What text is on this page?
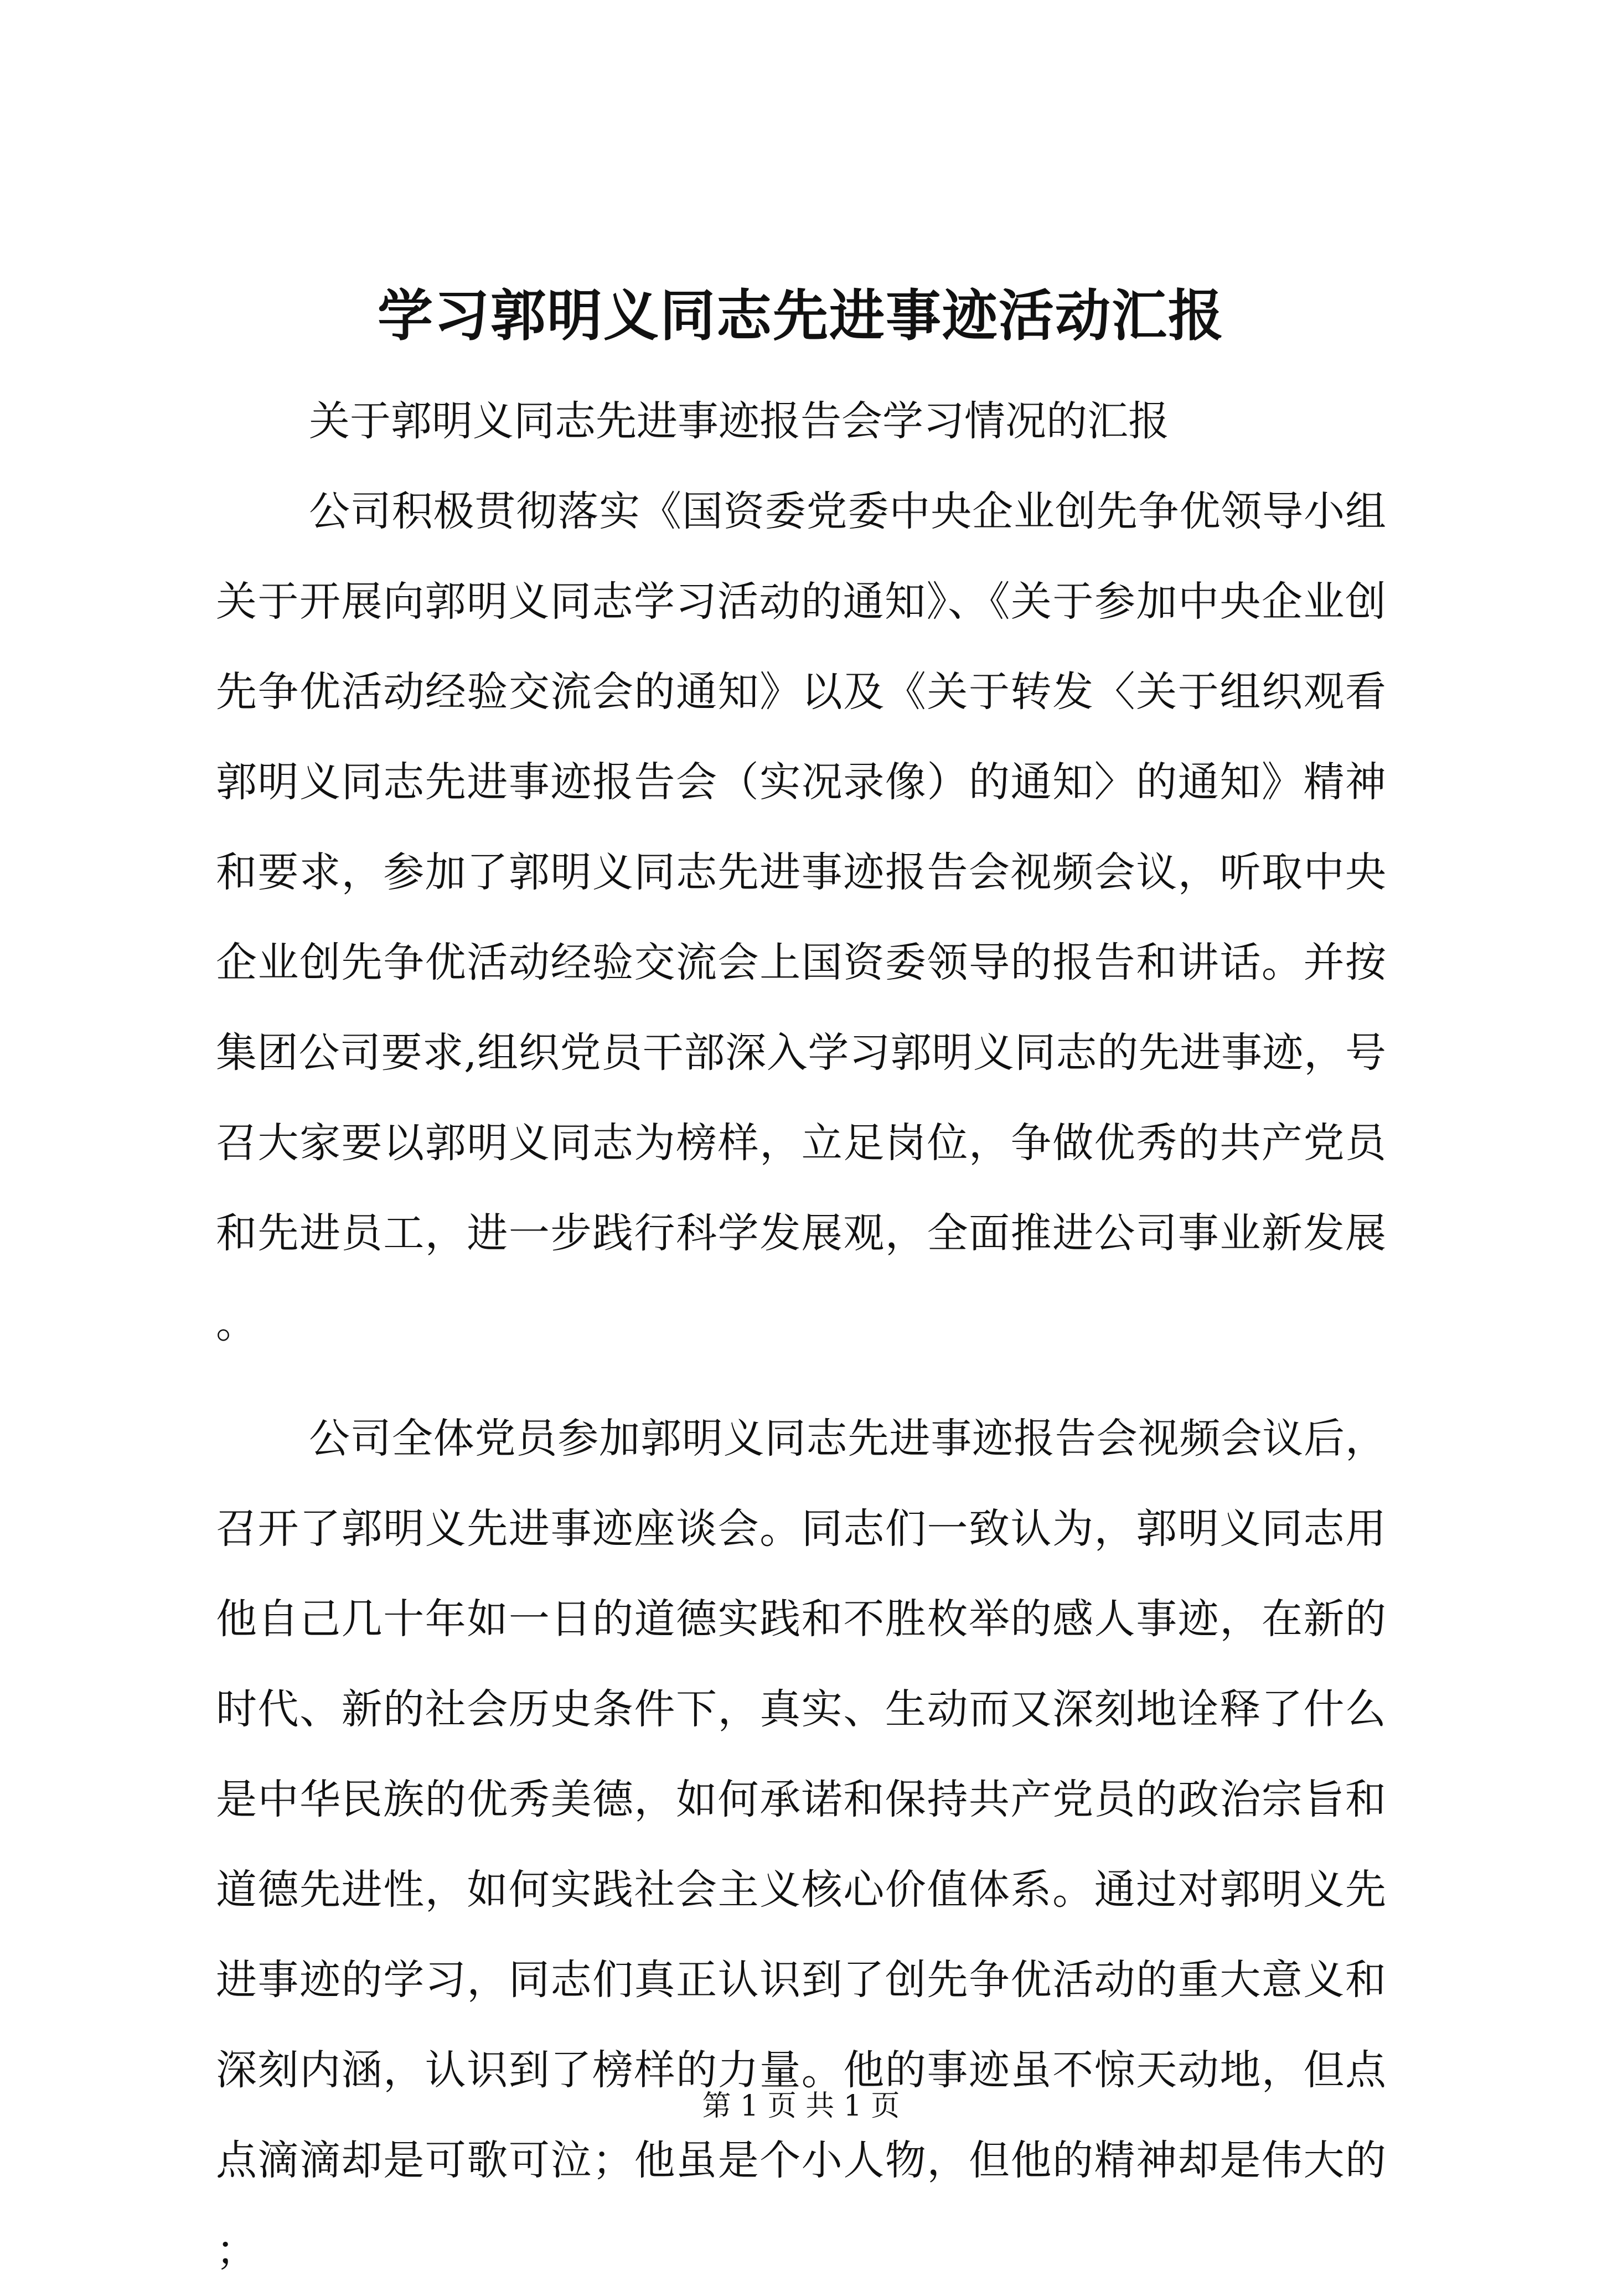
学习郭明义同志先进事迹活动汇报

关于郭明义同志先进事迹报告会学习情况的汇报

公司积极贯彻落实《国资委党委中央企业创先争优领导小组关于开展向郭明义同志学习活动的通知》、《关于参加中央企业创先争优活动经验交流会的通知》以及《关于转发〈关于组织观看郭明义同志先进事迹报告会（实况录像）的通知〉的通知》精神和要求，参加了郭明义同志先进事迹报告会视频会议，听取中央企业创先争优活动经验交流会上国资委领导的报告和讲话。并按集团公司要求,组织党员干部深入学习郭明义同志的先进事迹，号召大家要以郭明义同志为榜样，立足岗位，争做优秀的共产党员和先进员工，进一步践行科学发展观，全面推进公司事业新发展。

公司全体党员参加郭明义同志先进事迹报告会视频会议后，召开了郭明义先进事迹座谈会。同志们一致认为，郭明义同志用他自己几十年如一日的道德实践和不胜枚举的感人事迹，在新的时代、新的社会历史条件下，真实、生动而又深刻地诠释了什么是中华民族的优秀美德，如何承诺和保持共产党员的政治宗旨和道德先进性，如何实践社会主义核心价值体系。通过对郭明义先进事迹的学习，同志们真正认识到了创先争优活动的重大意义和深刻内涵，认识到了榜样的力量。他的事迹虽不惊天动地，但点点滴滴却是可歌可泣；他虽是个小人物，但他的精神却是伟大的；

第 1 页 共 1 页
